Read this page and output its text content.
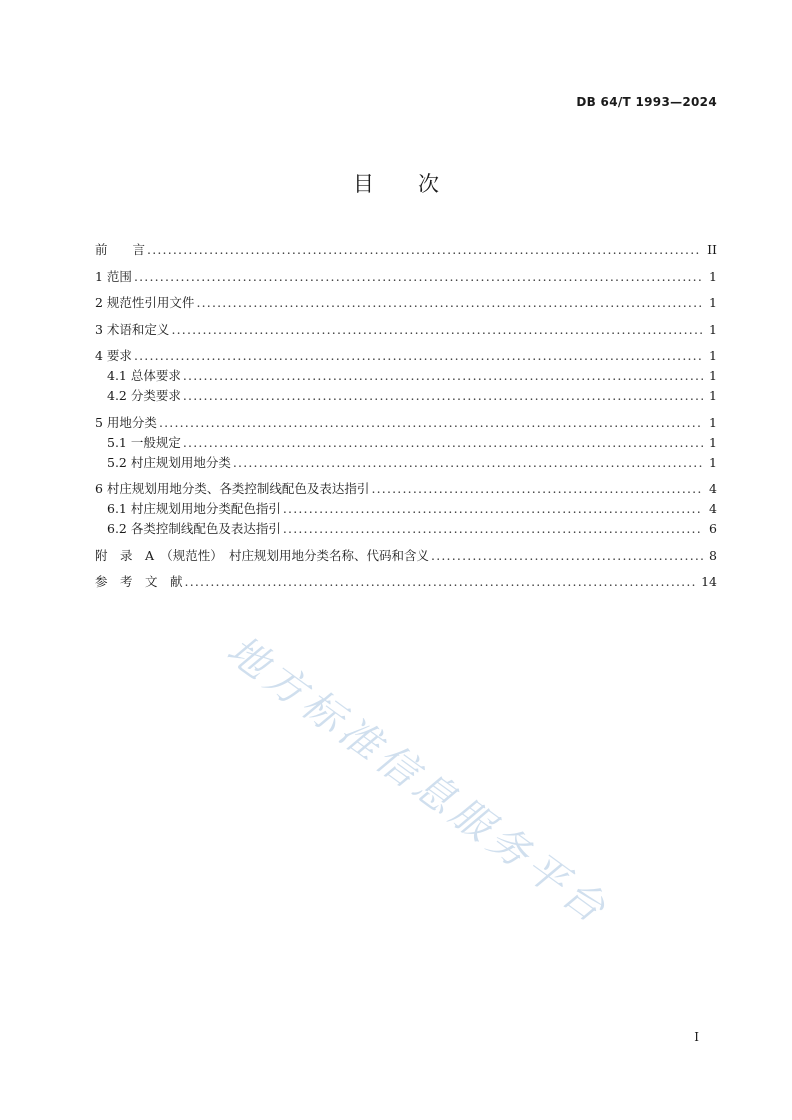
DB 64/T 1993—2024
目次
前　　言 .....	II
1 范围 .....	1
2 规范性引用文件 .....	1
3 术语和定义 .....	1
4 要求 .....	1
4.1 总体要求 .....	1
4.2 分类要求 .....	1
5 用地分类 .....	1
5.1 一般规定 .....	1
5.2 村庄规划用地分类 .....	1
6 村庄规划用地分类、各类控制线配色及表达指引 .....	4
6.1 村庄规划用地分类配色指引 .....	4
6.2 各类控制线配色及表达指引 .....	6
附　录　A　（规范性）　村庄规划用地分类名称、代码和含义 .....	8
参　考　文　献 .....	14
地方标准信息服务平台
I
